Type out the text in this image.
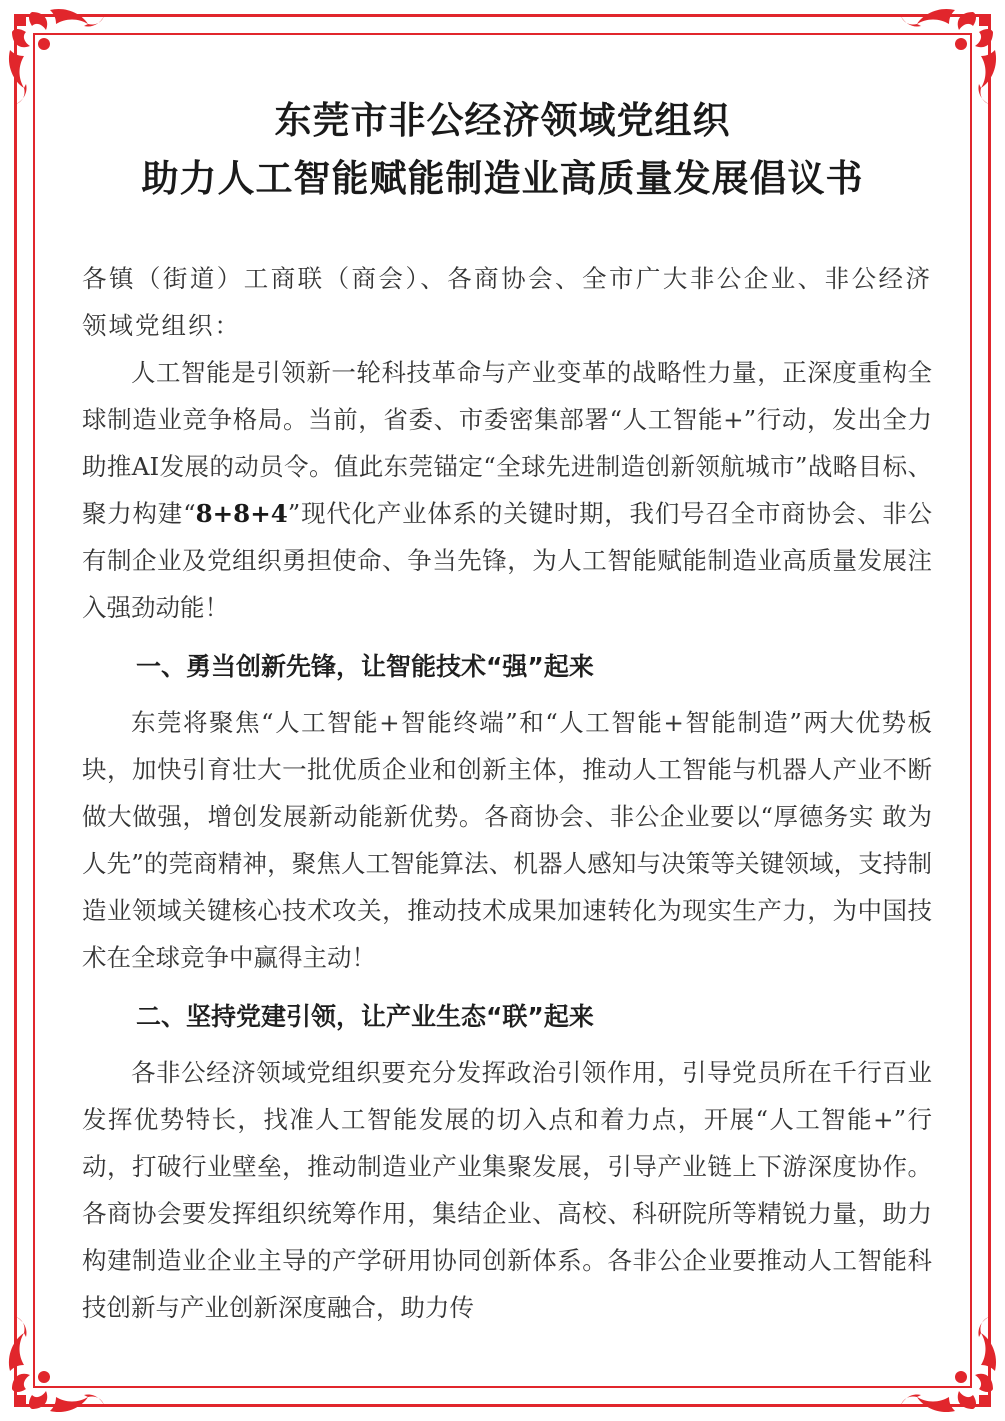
东莞市非公经济领域党组织
助力人工智能赋能制造业高质量发展倡议书

各镇（街道）工商联（商会）、各商协会、全市广大非公企业、非公经济领域党组织：

人工智能是引领新一轮科技革命与产业变革的战略性力量，正深度重构全球制造业竞争格局。当前，省委、市委密集部署“人工智能+”行动，发出全力助推AI发展的动员令。值此东莞锚定“全球先进制造创新领航城市”战略目标、聚力构建“8+8+4”现代化产业体系的关键时期，我们号召全市商协会、非公有制企业及党组织勇担使命、争当先锋，为人工智能赋能制造业高质量发展注入强劲动能！

一、勇当创新先锋，让智能技术“强”起来

东莞将聚焦“人工智能+智能终端”和“人工智能+智能制造”两大优势板块，加快引育壮大一批优质企业和创新主体，推动人工智能与机器人产业不断做大做强，增创发展新动能新优势。各商协会、非公企业要以“厚德务实 敢为人先”的莞商精神，聚焦人工智能算法、机器人感知与决策等关键领域，支持制造业领域关键核心技术攻关，推动技术成果加速转化为现实生产力，为中国技术在全球竞争中赢得主动！

二、坚持党建引领，让产业生态“联”起来

各非公经济领域党组织要充分发挥政治引领作用，引导党员所在千行百业发挥优势特长，找准人工智能发展的切入点和着力点，开展“人工智能+”行动，打破行业壁垒，推动制造业产业集聚发展，引导产业链上下游深度协作。各商协会要发挥组织统筹作用，集结企业、高校、科研院所等精锐力量，助力构建制造业企业主导的产学研用协同创新体系。各非公企业要推动人工智能科技创新与产业创新深度融合，助力传
